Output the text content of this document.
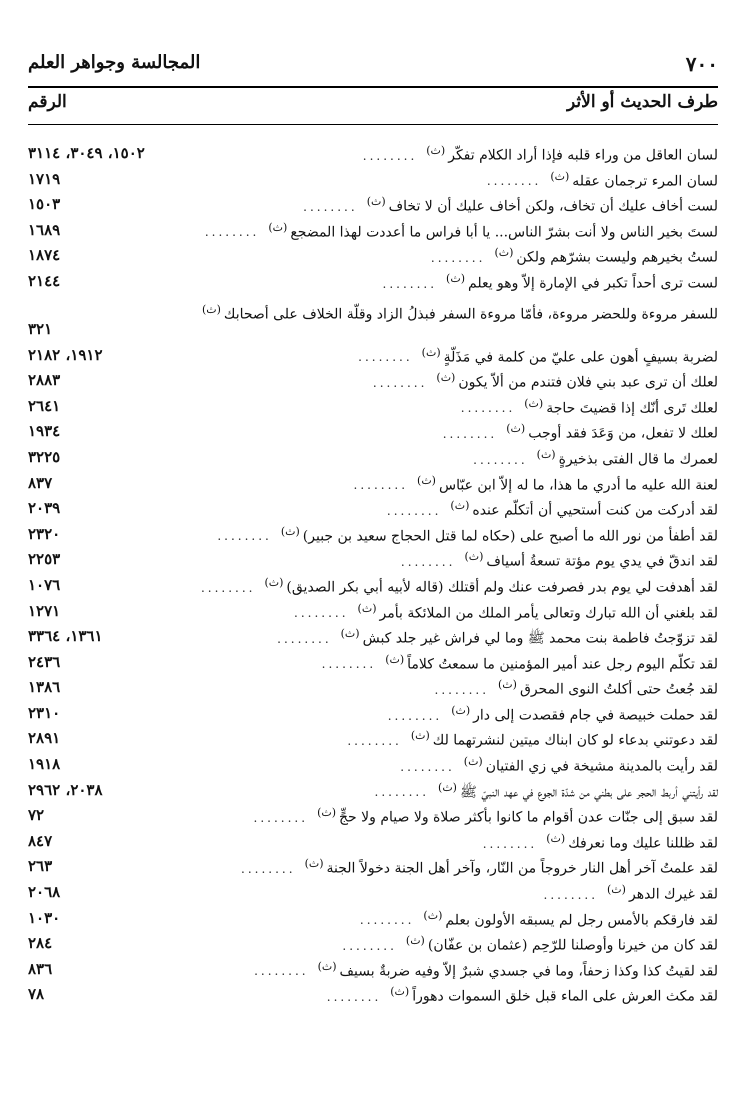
٧٠٠
المجالسة وجواهر العلم
طرف الحديث أو الأثر
الرقم
لسان العاقل من وراء قلبه فإذا أراد الكلام تفكّر$^{(ث)}$........
١٥٠٢، ٣٠٤٩، ٣١١٤
لسان المرء ترجمان عقله$^{(ث)}$........
١٧١٩
لست أخاف عليك أن تخاف، ولكن أخاف عليك أن لا تخاف$^{(ث)}$........
١٥٠٣
لستَ بخير الناس ولا أنت بشرّ الناس... يا أبا فراس ما أعددت لهذا المضجع$^{(ث)}$........
١٦٨٩
لستُ بخيرهم وليست بشرّهم ولكن$^{(ث)}$........
١٨٧٤
لست ترى أحداً تكبر في الإمارة إلاّ وهو يعلم$^{(ث)}$........
٢١٤٤
للسفر مروءة وللحضر مروءة، فأمّا مروءة السفر فبذلُ الزاد وقلّة الخلاف على أصحابك$^{(ث)}$
٣٢١
لضربة بسيفٍ أهون على عليّ من كلمة في مَذَلّةٍ$^{(ث)}$........
١٩١٢، ٢١٨٢
لعلك أن ترى عبد بني فلان فتندم من ألاّ يكون$^{(ث)}$........
٢٨٨٣
لعلك تَرى أنّك إذا قضيتَ حاجة$^{(ث)}$........
٢٦٤١
لعلك لا تفعل، من وَعَدَ فقد أوجب$^{(ث)}$........
١٩٣٤
لعمرك ما قال الفتى بذخيرةٍ$^{(ث)}$........
٣٢٢٥
لعنة الله عليه ما أدري ما هذا، ما له إلاّ ابن عبّاس$^{(ث)}$........
٨٣٧
لقد أدركت من كنت أستحيي أن أتكلّم عنده$^{(ث)}$........
٢٠٣٩
لقد أطفأ من نور الله ما أصبح على (حكاه لما قتل الحجاج سعيد بن جبير)$^{(ث)}$........
٢٣٢٠
لقد اندقّ في يدي يوم مؤتة تسعةُ أسياف$^{(ث)}$........
٢٢٥٣
لقد أهدفت لي يوم بدر فصرفت عنك ولم أقتلك (قاله لأبيه أبي بكر الصديق)$^{(ث)}$........
١٠٧٦
لقد بلغني أن الله تبارك وتعالى يأمر الملك من الملائكة بأمر$^{(ث)}$........
١٢٧١
لقد تزوّجتُ فاطمة بنت محمد ﷺ وما لي فراش غير جلد كبش$^{(ث)}$........
١٣٦١، ٣٣٦٤
لقد تكلّم اليوم رجل عند أمير المؤمنين ما سمعتُ كلاماً$^{(ث)}$........
٢٤٣٦
لقد جُعتُ حتى أكلتُ النوى المحرق$^{(ث)}$........
١٣٨٦
لقد حملت خبيصة في جام فقصدت إلى دار$^{(ث)}$........
٢٣١٠
لقد دعوتني بدعاء لو كان ابناك ميتين لنشرتهما لك$^{(ث)}$........
٢٨٩١
لقد رأيت بالمدينة مشيخة في زي الفتيان$^{(ث)}$........
١٩١٨
لقد رأيتني أربط الحجر على بطني من شدّة الجوع في عهد النبيّ ﷺ$^{(ث)}$........
٢٠٣٨، ٢٩٦٢
لقد سبق إلى جنّات عدن أقوام ما كانوا بأكثر صلاة ولا صيام ولا حجٍّ$^{(ث)}$........
٧٢
لقد ظللنا عليك وما نعرفك$^{(ث)}$........
٨٤٧
لقد علمتُ آخر أهل النار خروجاً من النّار، وآخر أهل الجنة دخولاً الجنة$^{(ث)}$........
٢٦٣
لقد غيرك الدهر$^{(ث)}$........
٢٠٦٨
لقد فارقكم بالأمس رجل لم يسبقه الأولون بعلم$^{(ث)}$........
١٠٣٠
لقد كان من خيرنا وأوصلنا للرّحِم (عثمان بن عفّان)$^{(ث)}$........
٢٨٤
لقد لقيتُ كذا وكذا زحفاً، وما في جسدي شبرٌ إلاّ وفيه ضربةٌ بسيف$^{(ث)}$........
٨٣٦
لقد مكث العرش على الماء قبل خلق السموات دهوراً$^{(ث)}$........
٧٨
